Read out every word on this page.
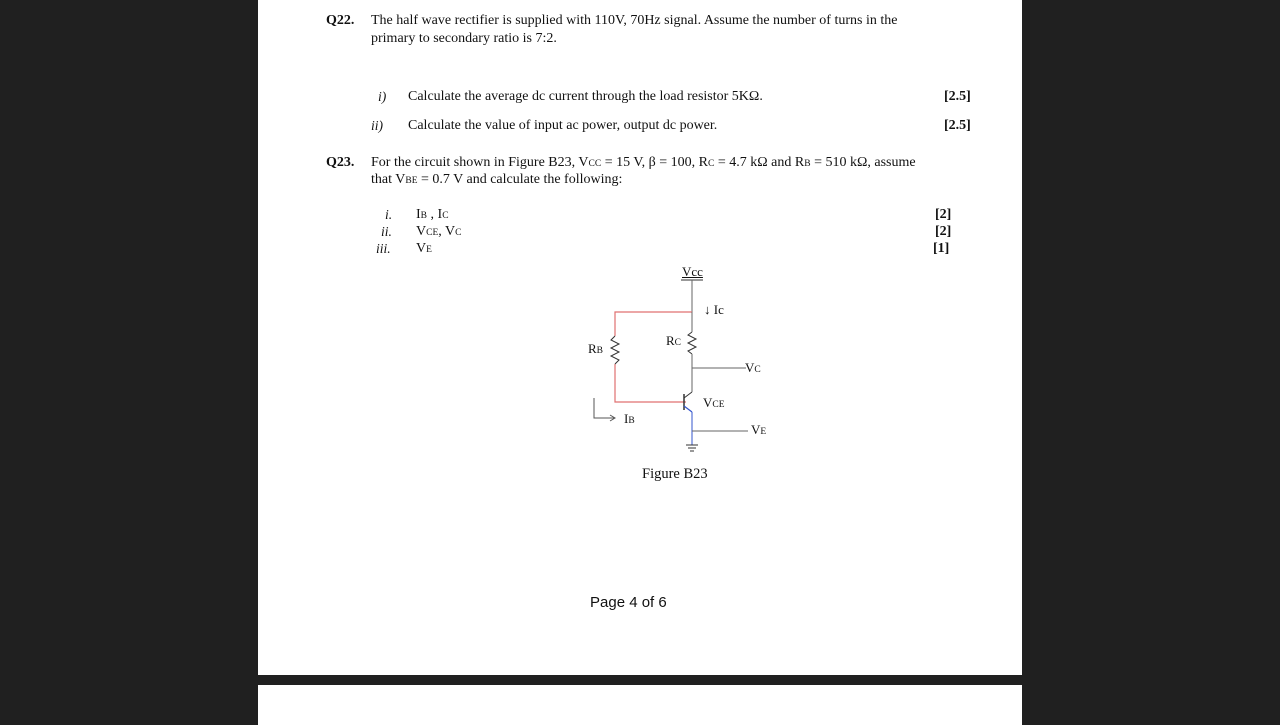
Q22. The half wave rectifier is supplied with 110V, 70Hz signal. Assume the number of turns in the
primary to secondary ratio is 7:2.
i) Calculate the average dc current through the load resistor 5KΩ.	[2.5]
ii) Calculate the value of input ac power, output dc power.	[2.5]
Q23. For the circuit shown in Figure B23, VCC = 15 V, β = 100, RC = 4.7 kΩ and RB = 510 kΩ, assume
that VBE = 0.7 V and calculate the following:
i. IB , IC	[2]
ii. VCE, VC	[2]
iii. VE	[1]
Vcc
↓ Ic
RB
RC
VC
VCE
IB
VE
Figure B23
Page 4 of 6
